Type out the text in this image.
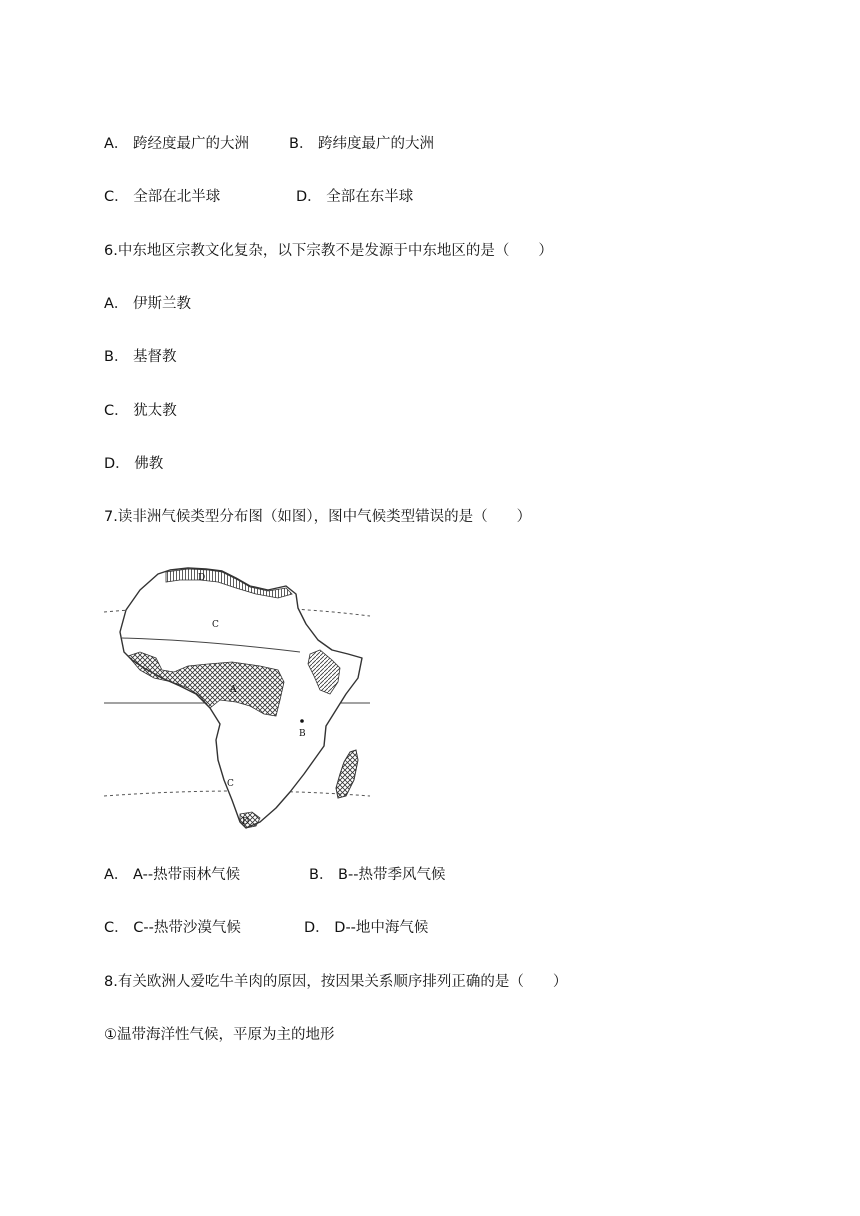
A． 跨经度最广的大洲	B． 跨纬度最广的大洲
C． 全部在北半球	D． 全部在东半球
6.中东地区宗教文化复杂，以下宗教不是发源于中东地区的是（　　）
A． 伊斯兰教
B． 基督教
C． 犹太教
D． 佛教
7.读非洲气候类型分布图（如图），图中气候类型错误的是（　　）
D
C
A
B
C
D
A． A--热带雨林气候	B． B--热带季风气候
C． C--热带沙漠气候	D． D--地中海气候
8.有关欧洲人爱吃牛羊肉的原因，按因果关系顺序排列正确的是（　　）
①温带海洋性气候，平原为主的地形
